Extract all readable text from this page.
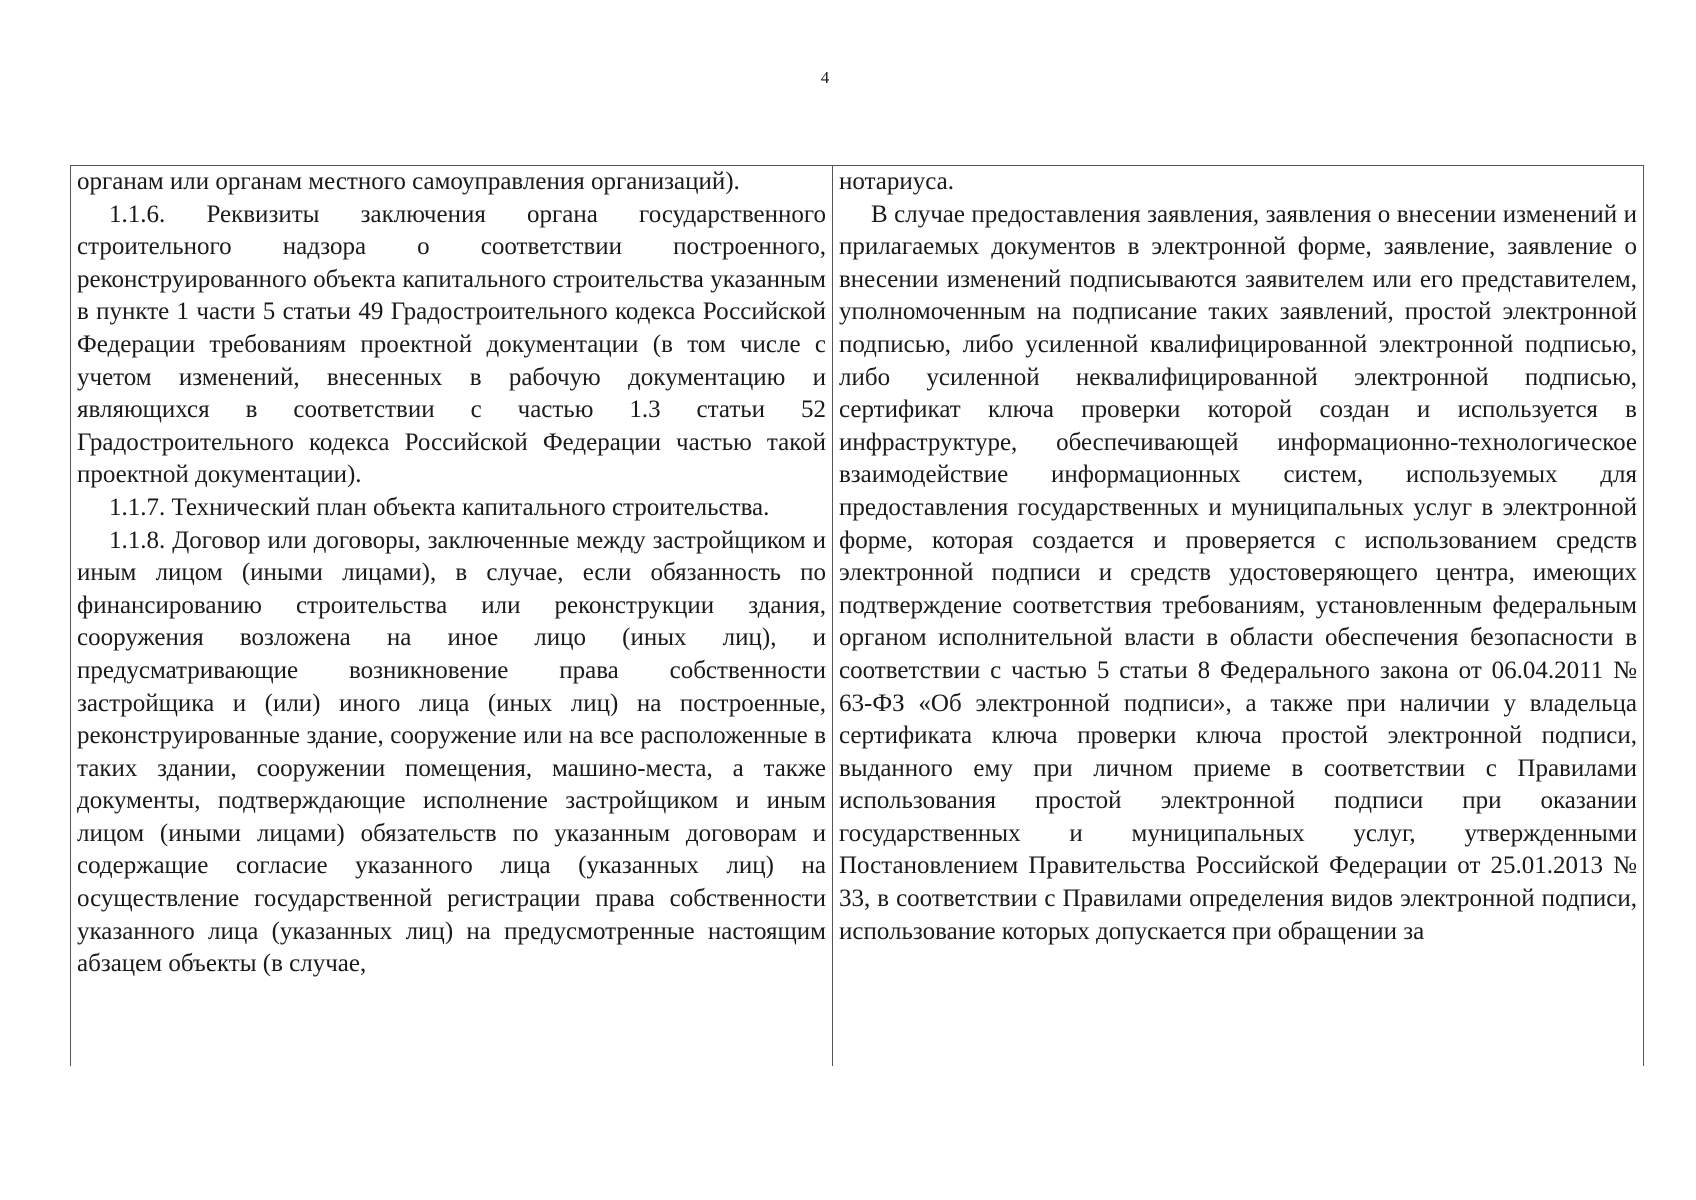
4

органам или органам местного самоуправления организаций).

1.1.6. Реквизиты заключения органа государственного строительного надзора о соответствии построенного, реконструированного объекта капитального строительства указанным в пункте 1 части 5 статьи 49 Градостроительного кодекса Российской Федерации требованиям проектной документации (в том числе с учетом изменений, внесенных в рабочую документацию и являющихся в соответствии с частью 1.3 статьи 52 Градостроительного кодекса Российской Федерации частью такой проектной документации).

1.1.7. Технический план объекта капитального строительства.

1.1.8. Договор или договоры, заключенные между застройщиком и иным лицом (иными лицами), в случае, если обязанность по финансированию строительства или реконструкции здания, сооружения возложена на иное лицо (иных лиц), и предусматривающие возникновение права собственности застройщика и (или) иного лица (иных лиц) на построенные, реконструированные здание, сооружение или на все расположенные в таких здании, сооружении помещения, машино-места, а также документы, подтверждающие исполнение застройщиком и иным лицом (иными лицами) обязательств по указанным договорам и содержащие согласие указанного лица (указанных лиц) на осуществление государственной регистрации права собственности указанного лица (указанных лиц) на предусмотренные настоящим абзацем объекты (в случае,

нотариуса.

В случае предоставления заявления, заявления о внесении изменений и прилагаемых документов в электронной форме, заявление, заявление о внесении изменений подписываются заявителем или его представителем, уполномоченным на подписание таких заявлений, простой электронной подписью, либо усиленной квалифицированной электронной подписью, либо усиленной неквалифицированной электронной подписью, сертификат ключа проверки которой создан и используется в инфраструктуре, обеспечивающей информационно-технологическое взаимодействие информационных систем, используемых для предоставления государственных и муниципальных услуг в электронной форме, которая создается и проверяется с использованием средств электронной подписи и средств удостоверяющего центра, имеющих подтверждение соответствия требованиям, установленным федеральным органом исполнительной власти в области обеспечения безопасности в соответствии с частью 5 статьи 8 Федерального закона от 06.04.2011 № 63-ФЗ «Об электронной подписи», а также при наличии у владельца сертификата ключа проверки ключа простой электронной подписи, выданного ему при личном приеме в соответствии с Правилами использования простой электронной подписи при оказании государственных и муниципальных услуг, утвержденными Постановлением Правительства Российской Федерации от 25.01.2013 № 33, в соответствии с Правилами определения видов электронной подписи, использование которых допускается при обращении за
